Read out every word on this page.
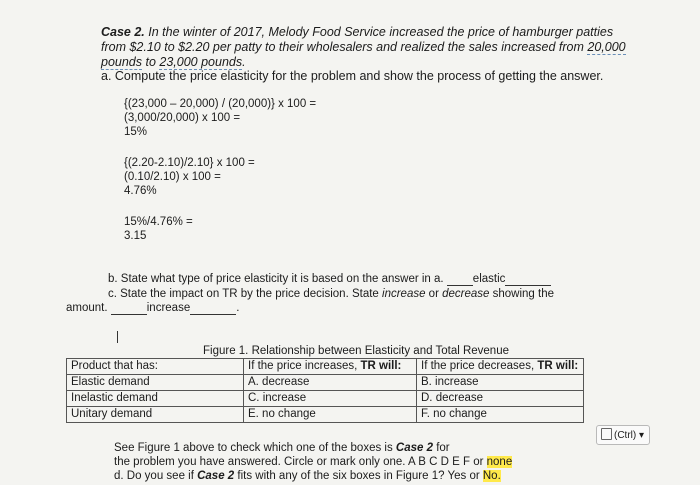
Case 2. In the winter of 2017, Melody Food Service increased the price of hamburger patties
from $2.10 to $2.20 per patty to their wholesalers and realized the sales increased from 20,000
pounds to 23,000 pounds.
a. Compute the price elasticity for the problem and show the process of getting the answer.
{(23,000 – 20,000) / (20,000)} x 100 =
(3,000/20,000) x 100 =
15%
{(2.20-2.10)/2.10} x 100 =
(0.10/2.10) x 100 =
4.76%
15%/4.76% =
3.15
b. State what type of price elasticity it is based on the answer in a. elastic
c. State the impact on TR by the price decision. State increase or decrease showing the
amount.	increase	.
Figure 1. Relationship between Elasticity and Total Revenue
Product that has:	If the price increases, TR will:	If the price decreases, TR will:
Elastic demand	A. decrease	B. increase
Inelastic demand	C. increase	D. decrease
Unitary demand	E. no change	F. no change
(Ctrl) ▾
See Figure 1 above to check which one of the boxes is Case 2 for
the problem you have answered. Circle or mark only one. A B C D E F or none
d. Do you see if Case 2 fits with any of the six boxes in Figure 1? Yes or No.
